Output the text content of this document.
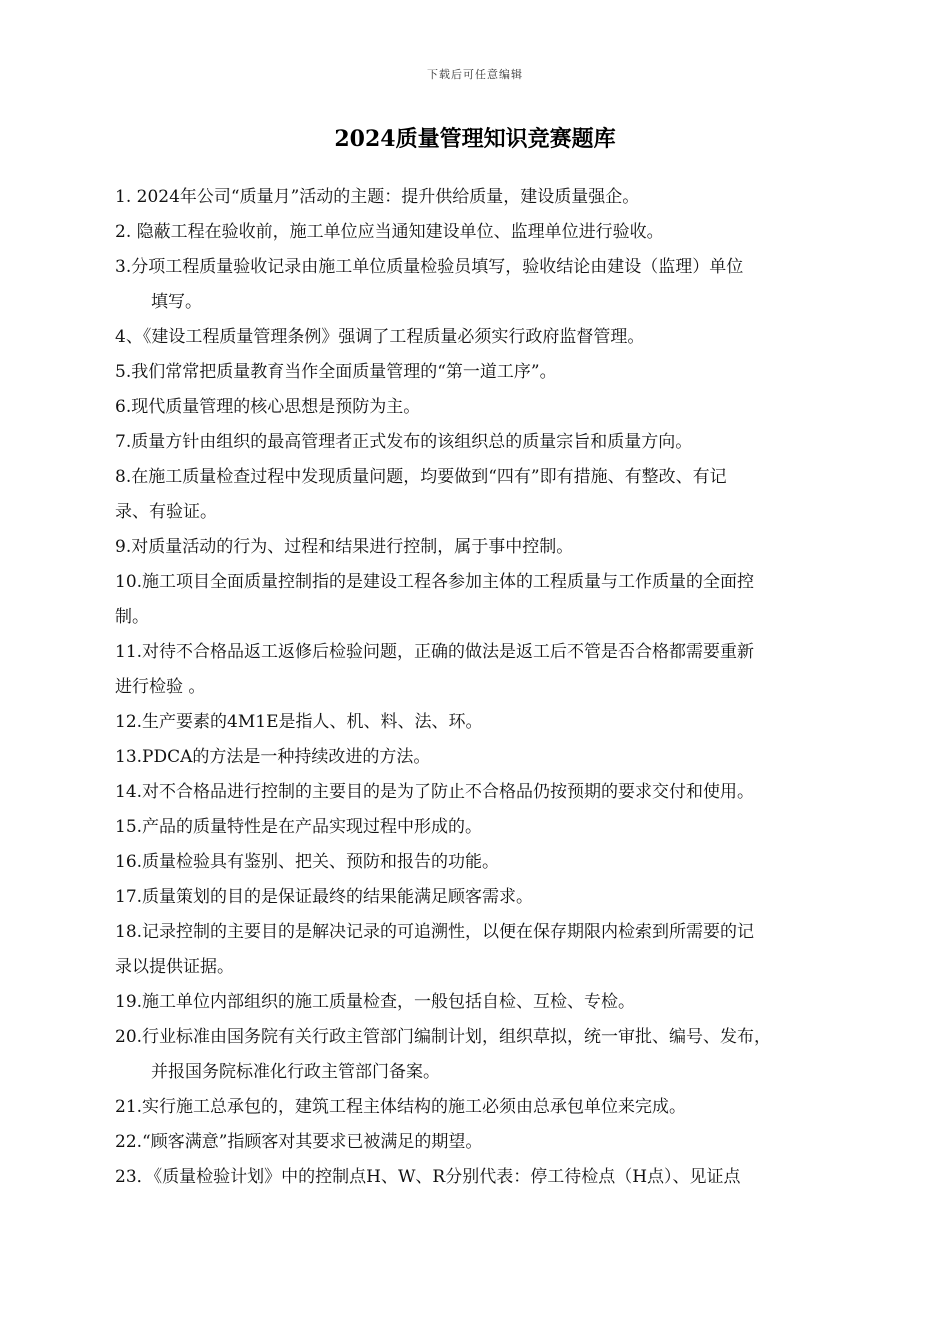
下载后可任意编辑
2024质量管理知识竞赛题库
1. 2024年公司“质量月”活动的主题：提升供给质量，建设质量强企。
2. 隐蔽工程在验收前，施工单位应当通知建设单位、监理单位进行验收。
3.分项工程质量验收记录由施工单位质量检验员填写，验收结论由建设（监理）单位
填写。
4、《建设工程质量管理条例》强调了工程质量必须实行政府监督管理。
5.我们常常把质量教育当作全面质量管理的“第一道工序”。
6.现代质量管理的核心思想是预防为主。
7.质量方针由组织的最高管理者正式发布的该组织总的质量宗旨和质量方向。
8.在施工质量检查过程中发现质量问题，均要做到“四有”即有措施、有整改、有记
录、有验证。
9.对质量活动的行为、过程和结果进行控制，属于事中控制。
10.施工项目全面质量控制指的是建设工程各参加主体的工程质量与工作质量的全面控
制。
11.对待不合格品返工返修后检验问题，正确的做法是返工后不管是否合格都需要重新
进行检验 。
12.生产要素的4M1E是指人、机、料、法、环。
13.PDCA的方法是一种持续改进的方法。
14.对不合格品进行控制的主要目的是为了防止不合格品仍按预期的要求交付和使用。
15.产品的质量特性是在产品实现过程中形成的。
16.质量检验具有鉴别、把关、预防和报告的功能。
17.质量策划的目的是保证最终的结果能满足顾客需求。
18.记录控制的主要目的是解决记录的可追溯性，以便在保存期限内检索到所需要的记
录以提供证据。
19.施工单位内部组织的施工质量检查，一般包括自检、互检、专检。
20.行业标准由国务院有关行政主管部门编制计划，组织草拟，统一审批、编号、发布，
并报国务院标准化行政主管部门备案。
21.实行施工总承包的，建筑工程主体结构的施工必须由总承包单位来完成。
22.“顾客满意”指顾客对其要求已被满足的期望。
23．《质量检验计划》中的控制点H、W、R分别代表：停工待检点（H点）、见证点
